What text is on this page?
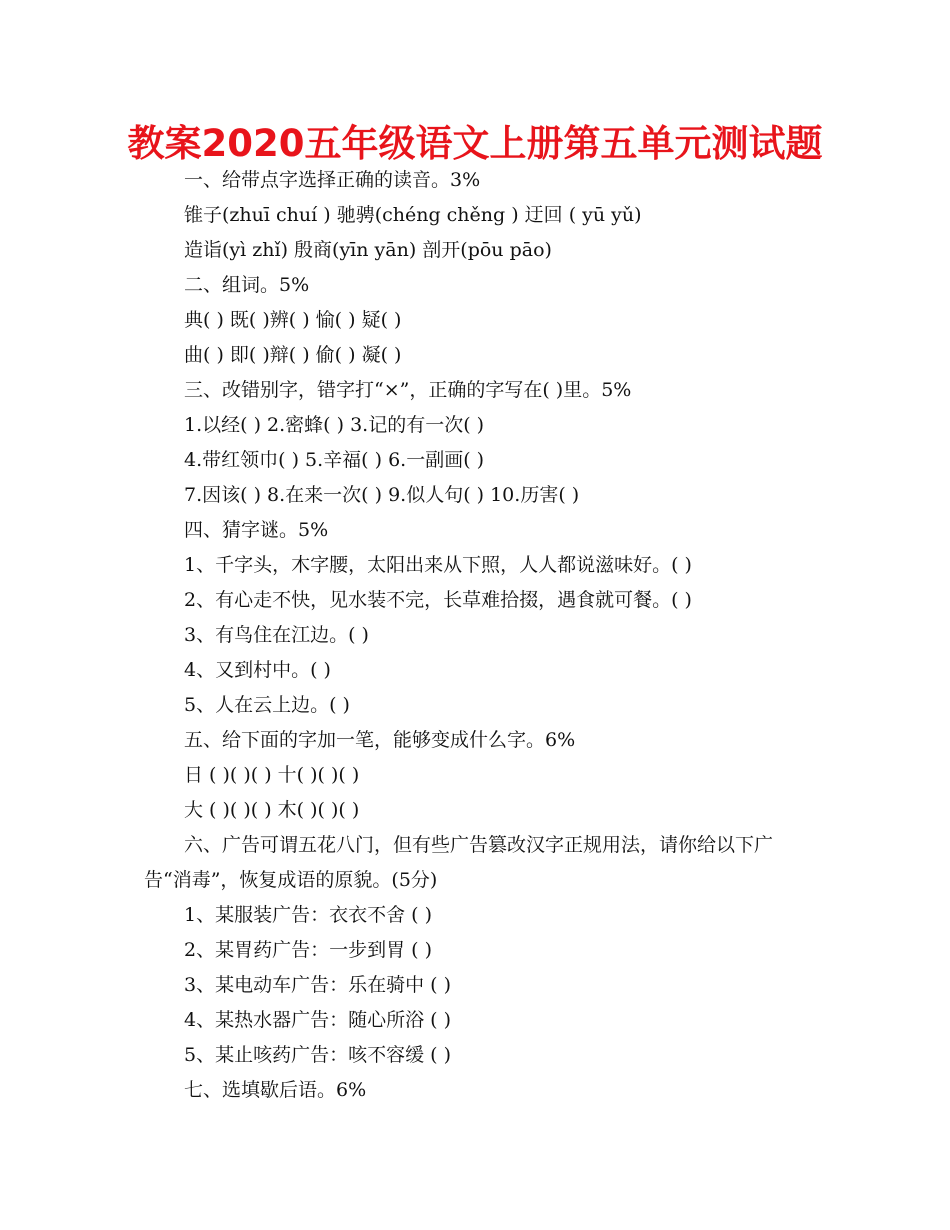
教案2020五年级语文上册第五单元测试题
一、给带点字选择正确的读音。3%
锥子(zhuī chuí ) 驰骋(chéng chěng ) 迂回 ( yū yǔ)
造诣(yì zhǐ) 殷商(yīn yān) 剖开(pōu pāo)
二、组词。5%
典( ) 既( )辨( ) 愉( ) 疑( )
曲( ) 即( )辩( ) 偷( ) 凝( )
三、改错别字，错字打“×”，正确的字写在( )里。5%
1.以经( ) 2.密蜂( ) 3.记的有一次( )
4.带红领巾( ) 5.辛福( ) 6.一副画( )
7.因该( ) 8.在来一次( ) 9.似人句( ) 10.历害( )
四、猜字谜。5%
1、千字头，木字腰，太阳出来从下照，人人都说滋味好。( )
2、有心走不快，见水装不完，长草难拾掇，遇食就可餐。( )
3、有鸟住在江边。( )
4、又到村中。( )
5、人在云上边。( )
五、给下面的字加一笔，能够变成什么字。6%
日 ( )( )( ) 十( )( )( )
大 ( )( )( ) 木( )( )( )
六、广告可谓五花八门，但有些广告篡改汉字正规用法，请你给以下广告“消毒”，恢复成语的原貌。(5分)
1、某服装广告：衣衣不舍 ( )
2、某胃药广告：一步到胃 ( )
3、某电动车广告：乐在骑中 ( )
4、某热水器广告：随心所浴 ( )
5、某止咳药广告：咳不容缓 ( )
七、选填歇后语。6%
